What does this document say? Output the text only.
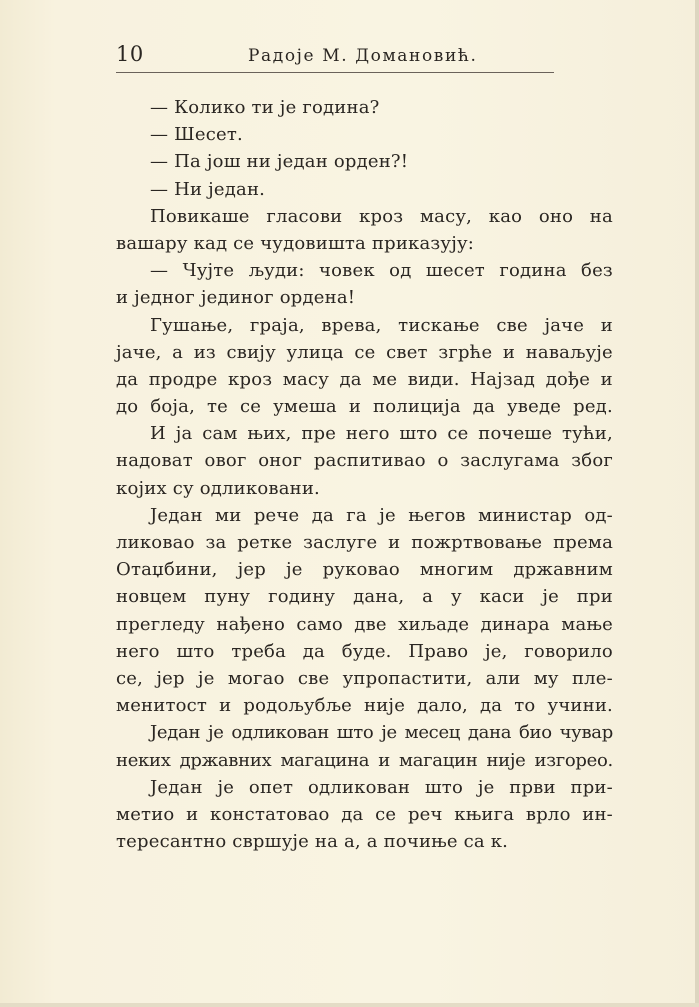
10	Радоје М. Домановић.
— Колико ти је година?
— Шесет.
— Па још ни један орден?!
— Ни један.
Повикаше гласови кроз масу, као оно на
вашару кад се чудовишта приказују:
— Чујте људи: човек од шесет година без
и једног јединог ордена!
Гушање, граја, врева, тискање све јаче и
јаче, а из свију улица се свет згрће и наваљује
да продре кроз масу да ме види. Најзад дође и
до боја, те се умеша и полиција да уведе ред.
И ја сам њих, пре него што се почеше тући,
надоват овог оног распитивао о заслугама због
којих су одликовани.
Један ми рече да га је његов министар од-
ликовао за ретке заслуге и пожртвовање према
Отаџбини, јер је руковао многим државним
новцем пуну годину дана, а у каси је при
прегледу нађено само две хиљаде динара мање
него што треба да буде. Право је, говорило
се, јер је могао све упропастити, али му пле-
менитост и родољубље није дало, да то учини.
Један је одликован што је месец дана био чувар
неких државних магацина и магацин није изгорео.
Један је опет одликован што је први при-
метио и констатовао да се реч књига врло ин-
тересантно свршује на а, а почиње са к.
